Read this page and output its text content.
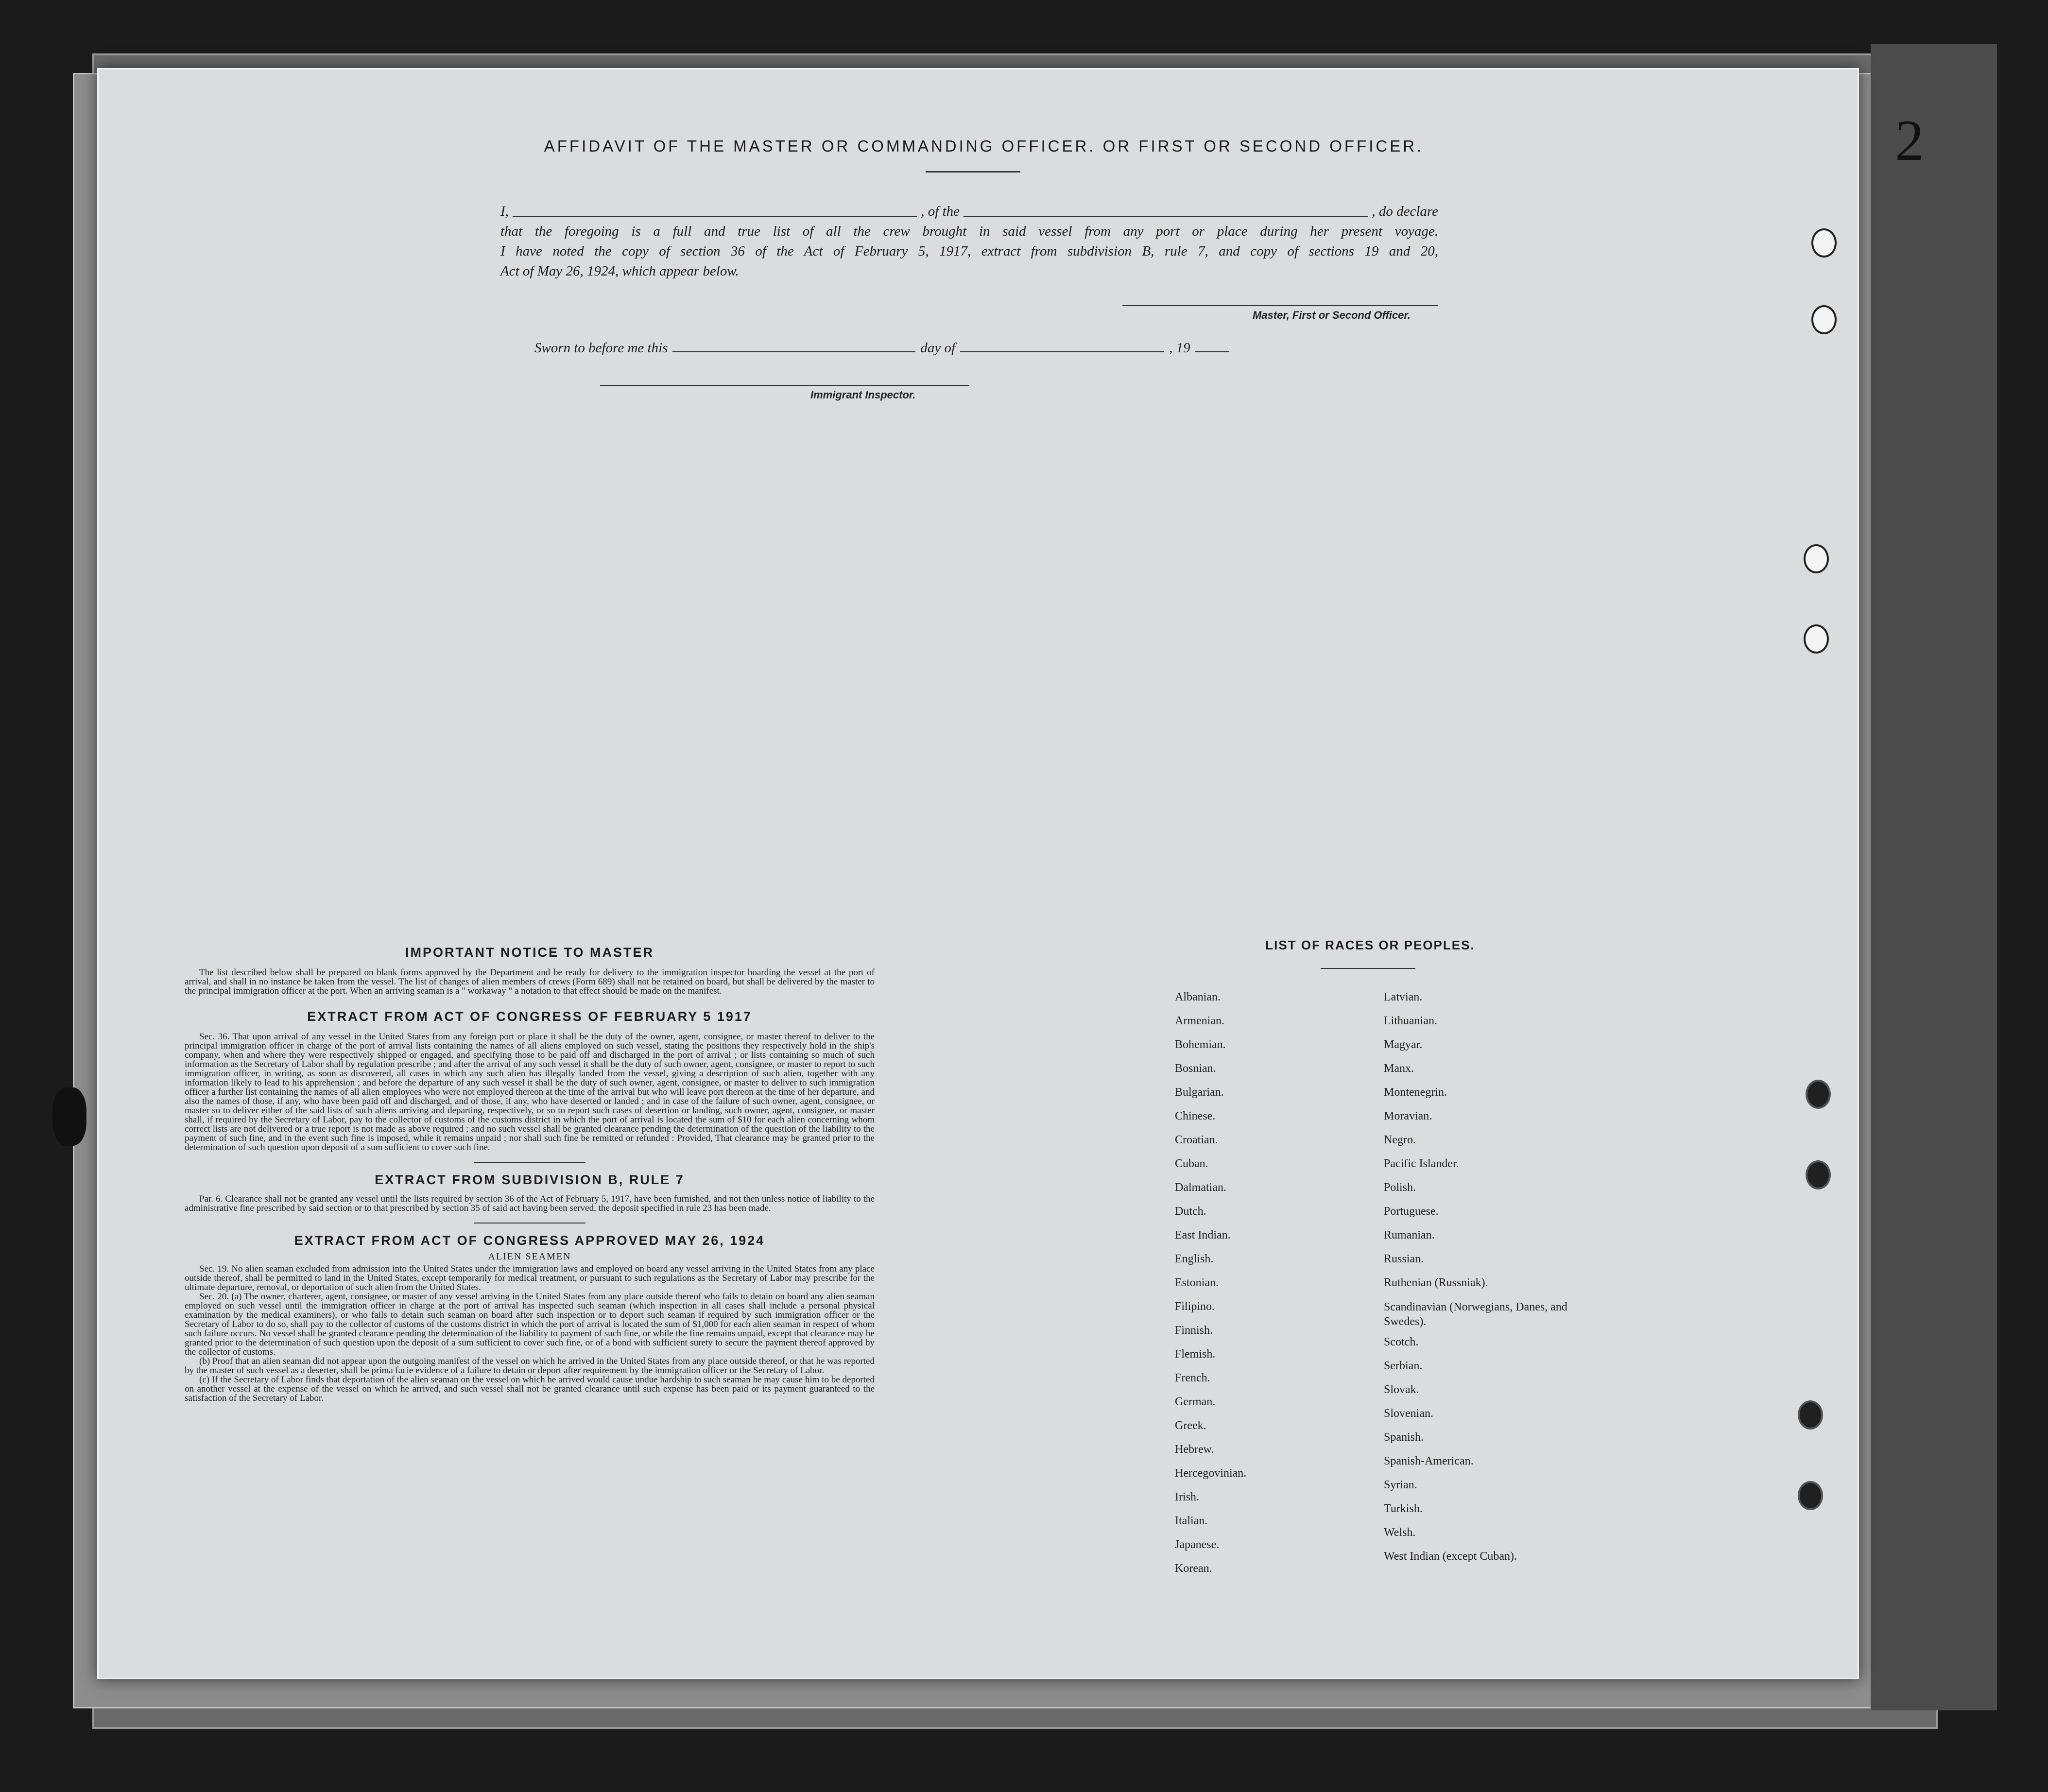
2
AFFIDAVIT OF THE MASTER OR COMMANDING OFFICER. OR FIRST OR SECOND OFFICER.
I,	, of the	, do declare
that the foregoing is a full and true list of all the crew brought in said vessel from any port or place during her present voyage.
I have noted the copy of section 36 of the Act of February 5, 1917, extract from subdivision B, rule 7, and copy of sections 19 and 20,
Act of May 26, 1924, which appear below.
Master, First or Second Officer.
Sworn to before me this	day of	, 19
Immigrant Inspector.
IMPORTANT NOTICE TO MASTER

The list described below shall be prepared on blank forms approved by the Department and be ready for delivery to the immigration inspector boarding the vessel at the port of arrival, and shall in no instance be taken from the vessel. The list of changes of alien members of crews (Form 689) shall not be retained on board, but shall be delivered by the master to the principal immigration officer at the port. When an arriving seaman is a " workaway " a notation to that effect should be made on the manifest.

EXTRACT FROM ACT OF CONGRESS OF FEBRUARY 5 1917

Sec. 36. That upon arrival of any vessel in the United States from any foreign port or place it shall be the duty of the owner, agent, consignee, or master thereof to deliver to the principal immigration officer in charge of the port of arrival lists containing the names of all aliens employed on such vessel, stating the positions they respectively hold in the ship's company, when and where they were respectively shipped or engaged, and specifying those to be paid off and discharged in the port of arrival ; or lists containing so much of such information as the Secretary of Labor shall by regulation prescribe ; and after the arrival of any such vessel it shall be the duty of such owner, agent, consignee, or master to report to such immigration officer, in writing, as soon as discovered, all cases in which any such alien has illegally landed from the vessel, giving a description of such alien, together with any information likely to lead to his apprehension ; and before the departure of any such vessel it shall be the duty of such owner, agent, consignee, or master to deliver to such immigration officer a further list containing the names of all alien employees who were not employed thereon at the time of the arrival but who will leave port thereon at the time of her departure, and also the names of those, if any, who have been paid off and discharged, and of those, if any, who have deserted or landed ; and in case of the failure of such owner, agent, consignee, or master so to deliver either of the said lists of such aliens arriving and departing, respectively, or so to report such cases of desertion or landing, such owner, agent, consignee, or master shall, if required by the Secretary of Labor, pay to the collector of customs of the customs district in which the port of arrival is located the sum of $10 for each alien concerning whom correct lists are not delivered or a true report is not made as above required ; and no such vessel shall be granted clearance pending the determination of the question of the liability to the payment of such fine, and in the event such fine is imposed, while it remains unpaid ; nor shall such fine be remitted or refunded : Provided, That clearance may be granted prior to the determination of such question upon deposit of a sum sufficient to cover such fine.

EXTRACT FROM SUBDIVISION B, RULE 7

Par. 6. Clearance shall not be granted any vessel until the lists required by section 36 of the Act of February 5, 1917, have been furnished, and not then unless notice of liability to the administrative fine prescribed by said section or to that prescribed by section 35 of said act having been served, the deposit specified in rule 23 has been made.

EXTRACT FROM ACT OF CONGRESS APPROVED MAY 26, 1924
ALIEN SEAMEN

Sec. 19. No alien seaman excluded from admission into the United States under the immigration laws and employed on board any vessel arriving in the United States from any place outside thereof, shall be permitted to land in the United States, except temporarily for medical treatment, or pursuant to such regulations as the Secretary of Labor may prescribe for the ultimate departure, removal, or deportation of such alien from the United States.

Sec. 20. (a) The owner, charterer, agent, consignee, or master of any vessel arriving in the United States from any place outside thereof who fails to detain on board any alien seaman employed on such vessel until the immigration officer in charge at the port of arrival has inspected such seaman (which inspection in all cases shall include a personal physical examination by the medical examiners), or who fails to detain such seaman on board after such inspection or to deport such seaman if required by such immigration officer or the Secretary of Labor to do so, shall pay to the collector of customs of the customs district in which the port of arrival is located the sum of $1,000 for each alien seaman in respect of whom such failure occurs. No vessel shall be granted clearance pending the determination of the liability to payment of such fine, or while the fine remains unpaid, except that clearance may be granted prior to the determination of such question upon the deposit of a sum sufficient to cover such fine, or of a bond with sufficient surety to secure the payment thereof approved by the collector of customs.

(b) Proof that an alien seaman did not appear upon the outgoing manifest of the vessel on which he arrived in the United States from any place outside thereof, or that he was reported by the master of such vessel as a deserter, shall be prima facie evidence of a failure to detain or deport after requirement by the immigration officer or the Secretary of Labor.

(c) If the Secretary of Labor finds that deportation of the alien seaman on the vessel on which he arrived would cause undue hardship to such seaman he may cause him to be deported on another vessel at the expense of the vessel on which he arrived, and such vessel shall not be granted clearance until such expense has been paid or its payment guaranteed to the satisfaction of the Secretary of Labor.

LIST OF RACES OR PEOPLES.
Albanian.
Armenian.
Bohemian.
Bosnian.
Bulgarian.
Chinese.
Croatian.
Cuban.
Dalmatian.
Dutch.
East Indian.
English.
Estonian.
Filipino.
Finnish.
Flemish.
French.
German.
Greek.
Hebrew.
Hercegovinian.
Irish.
Italian.
Japanese.
Korean.
Latvian.
Lithuanian.
Magyar.
Manx.
Montenegrin.
Moravian.
Negro.
Pacific Islander.
Polish.
Portuguese.
Rumanian.
Russian.
Ruthenian (Russniak).
Scandinavian (Norwegians, Danes, and Swedes).
Scotch.
Serbian.
Slovak.
Slovenian.
Spanish.
Spanish-American.
Syrian.
Turkish.
Welsh.
West Indian (except Cuban).
